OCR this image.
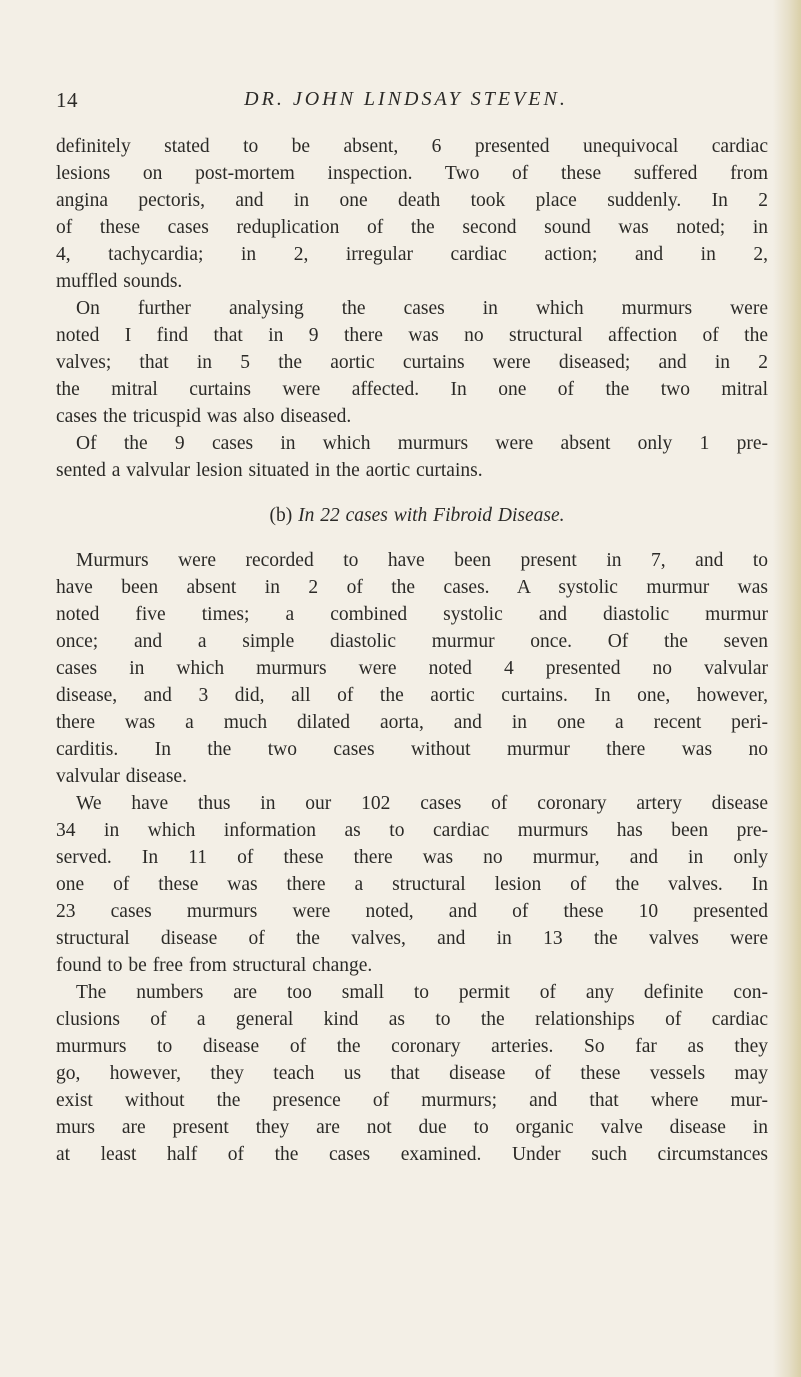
14	DR. JOHN LINDSAY STEVEN.
definitely stated to be absent, 6 presented unequivocal cardiac
lesions on post-mortem inspection. Two of these suffered from
angina pectoris, and in one death took place suddenly. In 2
of these cases reduplication of the second sound was noted; in
4, tachycardia; in 2, irregular cardiac action; and in 2,
muffled sounds.
On further analysing the cases in which murmurs were
noted I find that in 9 there was no structural affection of the
valves; that in 5 the aortic curtains were diseased; and in 2
the mitral curtains were affected. In one of the two mitral
cases the tricuspid was also diseased.
Of the 9 cases in which murmurs were absent only 1 pre-
sented a valvular lesion situated in the aortic curtains.
(b) In 22 cases with Fibroid Disease.
Murmurs were recorded to have been present in 7, and to
have been absent in 2 of the cases. A systolic murmur was
noted five times; a combined systolic and diastolic murmur
once; and a simple diastolic murmur once. Of the seven
cases in which murmurs were noted 4 presented no valvular
disease, and 3 did, all of the aortic curtains. In one, however,
there was a much dilated aorta, and in one a recent peri-
carditis. In the two cases without murmur there was no
valvular disease.
We have thus in our 102 cases of coronary artery disease
34 in which information as to cardiac murmurs has been pre-
served. In 11 of these there was no murmur, and in only
one of these was there a structural lesion of the valves. In
23 cases murmurs were noted, and of these 10 presented
structural disease of the valves, and in 13 the valves were
found to be free from structural change.
The numbers are too small to permit of any definite con-
clusions of a general kind as to the relationships of cardiac
murmurs to disease of the coronary arteries. So far as they
go, however, they teach us that disease of these vessels may
exist without the presence of murmurs; and that where mur-
murs are present they are not due to organic valve disease in
at least half of the cases examined. Under such circumstances
